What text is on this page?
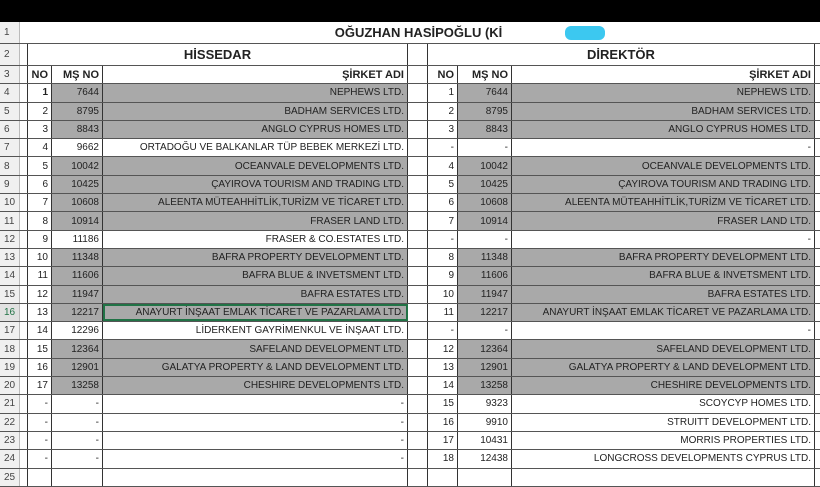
1	OĞUZHAN HASİPOĞLU (Kİ
2	HİSSEDAR	DİREKTÖR
3	NO	MŞ NO	ŞİRKET ADI	NO	MŞ NO	ŞİRKET ADI
4	1	7644	NEPHEWS LTD.	1	7644	NEPHEWS LTD.
5	2	8795	BADHAM SERVICES LTD.	2	8795	BADHAM SERVICES LTD.
6	3	8843	ANGLO CYPRUS HOMES LTD.	3	8843	ANGLO CYPRUS HOMES LTD.
7	4	9662	ORTADOĞU VE BALKANLAR TÜP BEBEK MERKEZİ LTD.	-	-	-
8	5	10042	OCEANVALE DEVELOPMENTS LTD.	4	10042	OCEANVALE DEVELOPMENTS LTD.
9	6	10425	ÇAYIROVA TOURISM AND TRADING LTD.	5	10425	ÇAYIROVA TOURISM AND TRADING LTD.
10	7	10608	ALEENTA MÜTEAHHİTLİK,TURİZM VE TİCARET LTD.	6	10608	ALEENTA MÜTEAHHİTLİK,TURİZM VE TİCARET LTD.
11	8	10914	FRASER LAND LTD.	7	10914	FRASER LAND LTD.
12	9	11186	FRASER & CO.ESTATES LTD.	-	-	-
13	10	11348	BAFRA PROPERTY DEVELOPMENT LTD.	8	11348	BAFRA PROPERTY DEVELOPMENT LTD.
14	11	11606	BAFRA BLUE & INVETSMENT LTD.	9	11606	BAFRA BLUE & INVETSMENT LTD.
15	12	11947	BAFRA ESTATES LTD.	10	11947	BAFRA ESTATES LTD.
16	13	12217	ANAYURT İNŞAAT EMLAK TİCARET VE PAZARLAMA LTD.	11	12217	ANAYURT İNŞAAT EMLAK TİCARET VE PAZARLAMA LTD.
17	14	12296	LİDERKENT GAYRİMENKUL VE İNŞAAT LTD.	-	-	-
18	15	12364	SAFELAND DEVELOPMENT LTD.	12	12364	SAFELAND DEVELOPMENT LTD.
19	16	12901	GALATYA PROPERTY & LAND DEVELOPMENT LTD.	13	12901	GALATYA PROPERTY & LAND DEVELOPMENT LTD.
20	17	13258	CHESHIRE DEVELOPMENTS LTD.	14	13258	CHESHIRE DEVELOPMENTS LTD.
21	-	-	-	15	9323	SCOYCYP HOMES LTD.
22	-	-	-	16	9910	STRUITT DEVELOPMENT LTD.
23	-	-	-	17	10431	MORRIS PROPERTIES LTD.
24	-	-	-	18	12438	LONGCROSS DEVELOPMENTS CYPRUS LTD.
25
